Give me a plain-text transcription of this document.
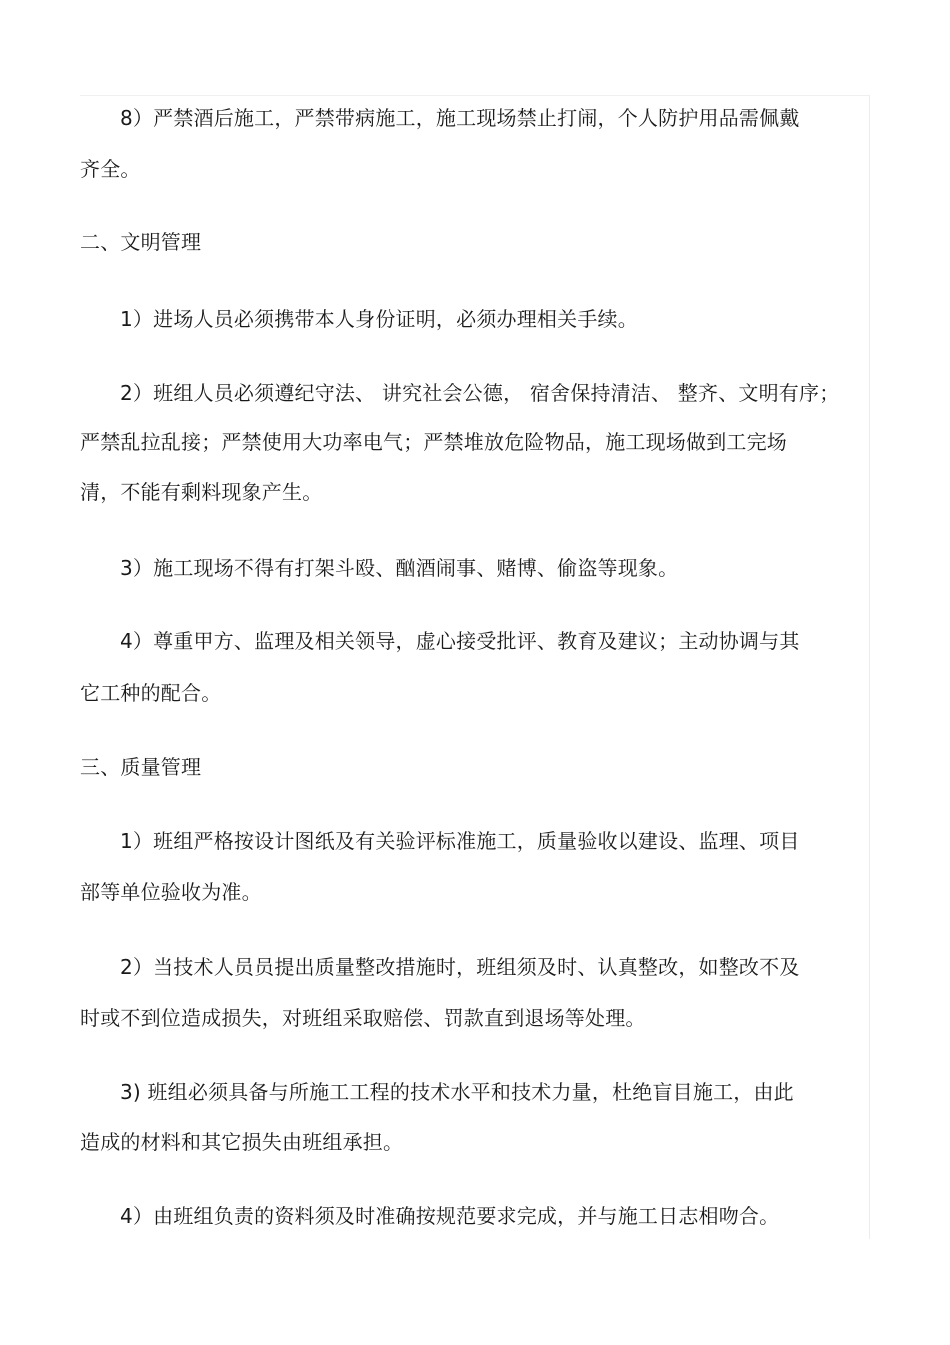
8）严禁酒后施工，严禁带病施工，施工现场禁止打闹，个人防护用品需佩戴
齐全。
二、文明管理
1）进场人员必须携带本人身份证明，必须办理相关手续。
2）班组人员必须遵纪守法、 讲究社会公德， 宿舍保持清洁、 整齐、文明有序；
严禁乱拉乱接；严禁使用大功率电气；严禁堆放危险物品，施工现场做到工完场
清，不能有剩料现象产生。
3）施工现场不得有打架斗殴、酗酒闹事、赌博、偷盗等现象。
4）尊重甲方、监理及相关领导，虚心接受批评、教育及建议；主动协调与其
它工种的配合。
三、质量管理
1）班组严格按设计图纸及有关验评标准施工，质量验收以建设、监理、项目
部等单位验收为准。
2）当技术人员员提出质量整改措施时，班组须及时、认真整改，如整改不及
时或不到位造成损失，对班组采取赔偿、罚款直到退场等处理。
3) 班组必须具备与所施工工程的技术水平和技术力量，杜绝盲目施工，由此
造成的材料和其它损失由班组承担。
4）由班组负责的资料须及时准确按规范要求完成，并与施工日志相吻合。
